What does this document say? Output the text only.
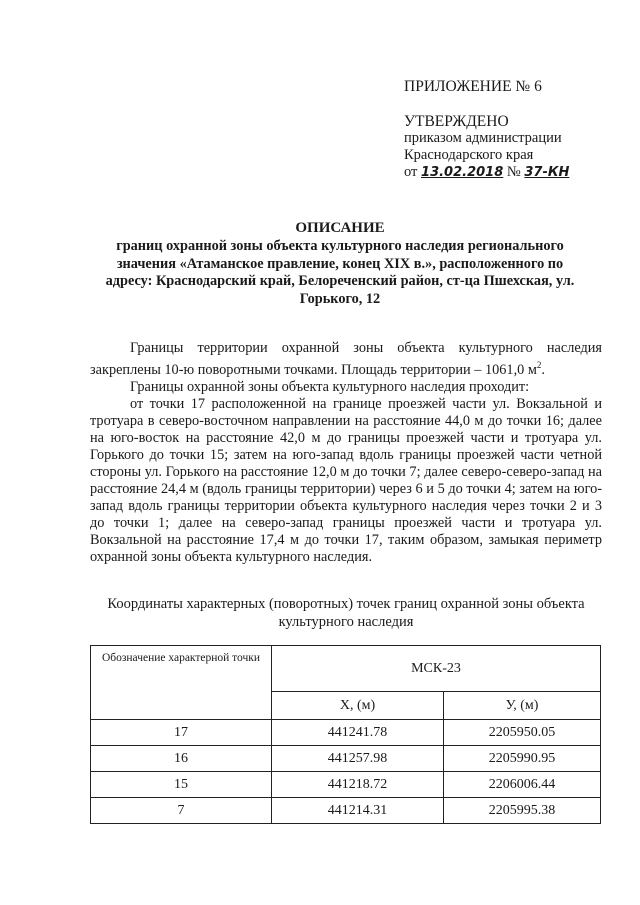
ПРИЛОЖЕНИЕ № 6
УТВЕРЖДЕНО
приказом администрации
Краснодарского края
от 13.02.2018 № 37-КН
ОПИСАНИЕ
границ охранной зоны объекта культурного наследия регионального значения «Атаманское правление, конец XIX в.», расположенного по адресу: Краснодарский край, Белореченский район, ст-ца Пшехская, ул. Горького, 12

Границы территории охранной зоны объекта культурного наследия закреплены 10-ю поворотными точками. Площадь территории – 1061,0 $м^2$.

Границы охранной зоны объекта культурного наследия проходит:

от точки 17 расположенной на границе проезжей части ул. Вокзальной и тротуара в северо-восточном направлении на расстояние 44,0 м до точки 16; далее на юго-восток на расстояние 42,0 м до границы проезжей части и тротуара ул. Горького до точки 15; затем на юго-запад вдоль границы проезжей части четной стороны ул. Горького на расстояние 12,0 м до точки 7; далее северо-северо-запад на расстояние 24,4 м (вдоль границы территории) через 6 и 5 до точки 4; затем на юго-запад вдоль границы территории объекта культурного наследия через точки 2 и 3 до точки 1; далее на северо-запад границы проезжей части и тротуара ул. Вокзальной на расстояние 17,4 м до точки 17, таким образом, замыкая периметр охранной зоны объекта культурного наследия.

Координаты характерных (поворотных) точек границ охранной зоны объекта культурного наследия
Обозначение характерной точки	МСК-23	
	Х, (м)	У, (м)
17	441241.78	2205950.05
16	441257.98	2205990.95
15	441218.72	2206006.44
7	441214.31	2205995.38
